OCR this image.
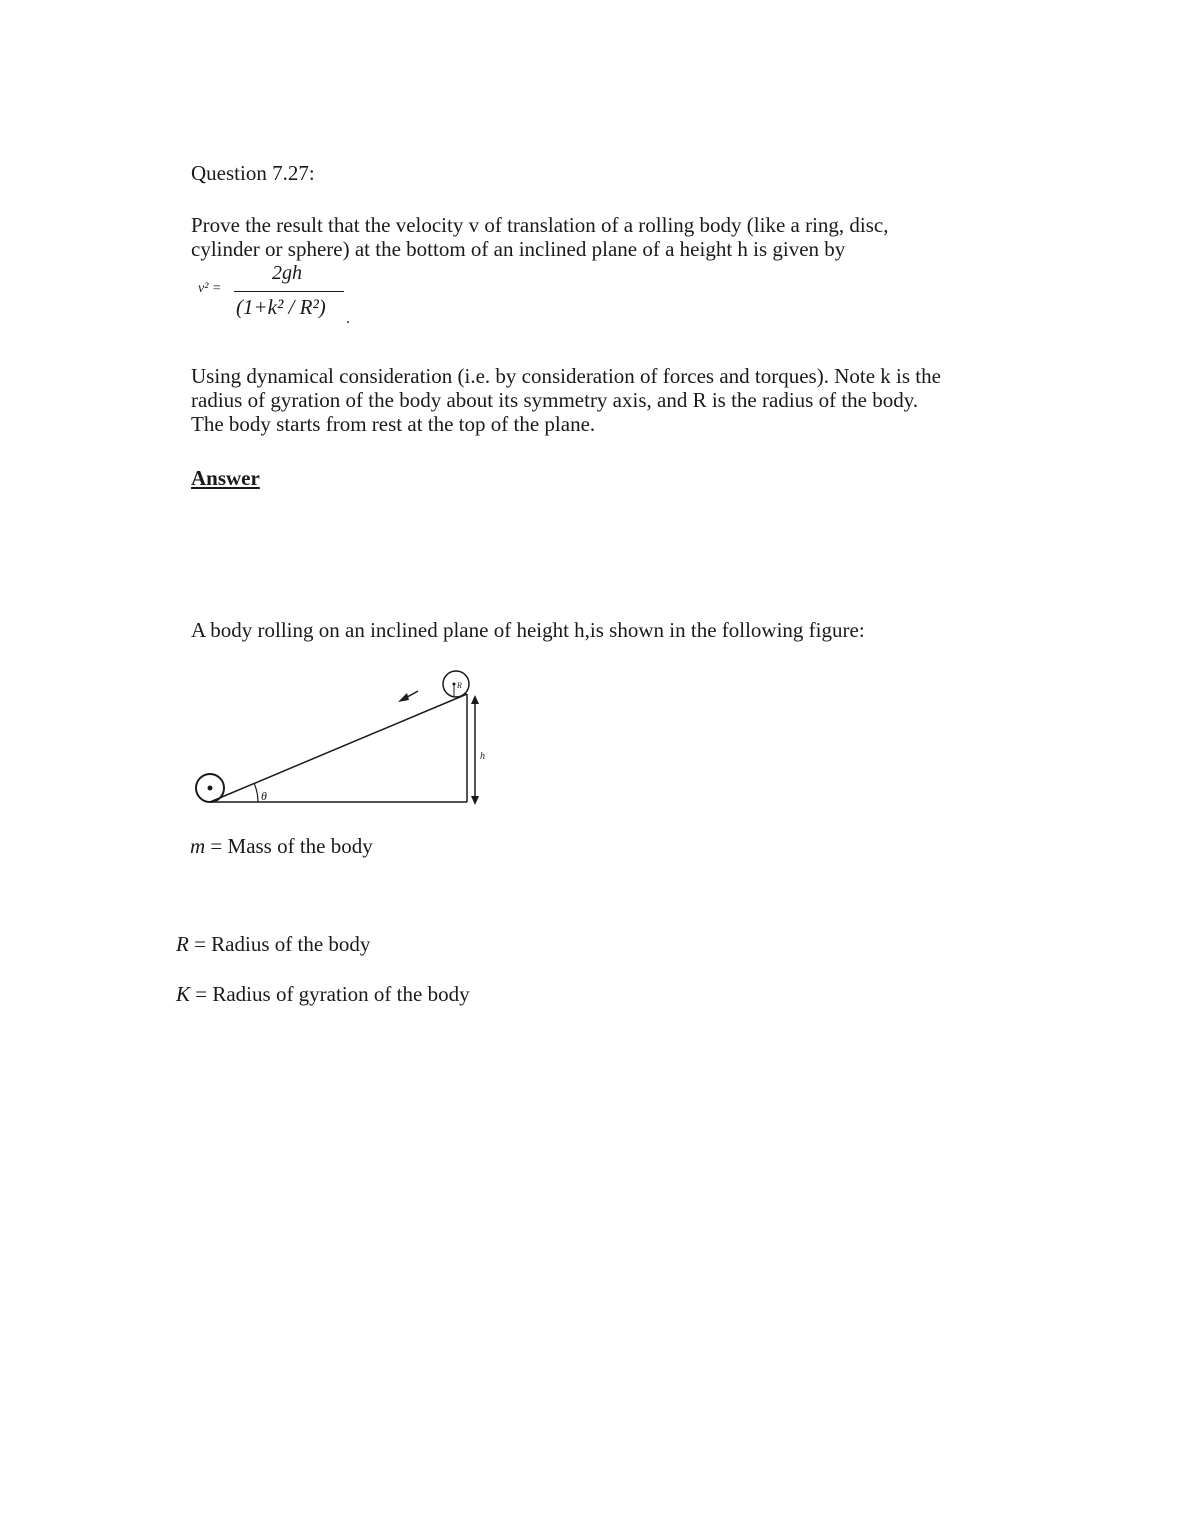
Question 7.27:
Prove the result that the velocity v of translation of a rolling body (like a ring, disc,
cylinder or sphere) at the bottom of an inclined plane of a height h is given by
v² =
2gh
(1+k² / R²) .
Using dynamical consideration (i.e. by consideration of forces and torques). Note k is the
radius of gyration of the body about its symmetry axis, and R is the radius of the body.
The body starts from rest at the top of the plane.
Answer
A body rolling on an inclined plane of height h,is shown in the following figure:
θ
R
h
m = Mass of the body
R = Radius of the body
K = Radius of gyration of the body
